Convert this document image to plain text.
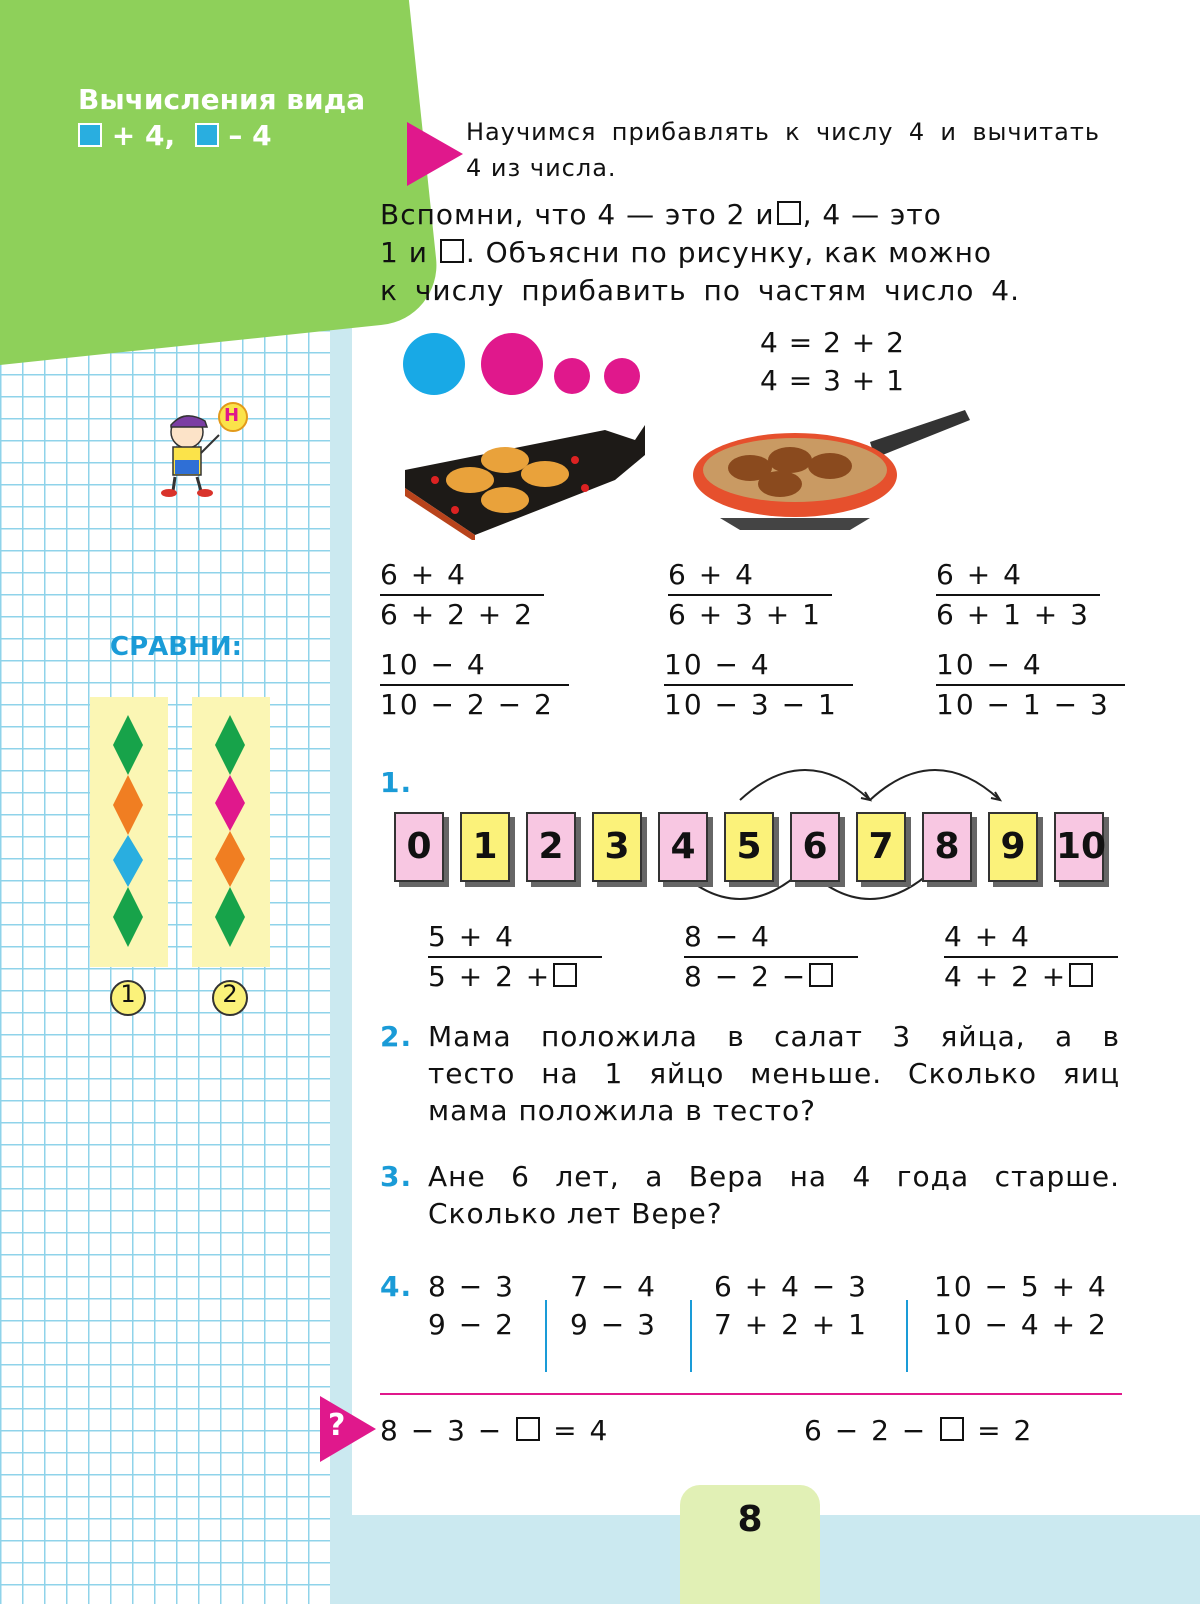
Вычисления вида
+ 4, – 4
Н
СРАВНИ:
1	2
Научимся прибавлять к числу 4 и вычитать
4 из числа.
Вспомни, что 4 — это 2 и	, 4 — это
1 и . Объясни по рисунку, как можно
к числу прибавить по частям число 4.
4 = 2 + 2
4 = 3 + 1
6 + 4
6 + 2 + 2
6 + 4
6 + 3 + 1
6 + 4
6 + 1 + 3
10 − 4
10 − 2 − 2
10 − 4
10 − 3 − 1
10 − 4
10 − 1 − 3
1.
0	1	2	3	4	5	6	7	8	9 10
5 + 4
5 + 2 +
8 − 4
8 − 2 −
4 + 4
4 + 2 +
2. Мама положила в салат 3 яйца, а в
тесто на 1 яйцо меньше. Сколько яиц
мама положила в тесто?
3. Ане 6 лет, а Вера на 4 года старше.
Сколько лет Вере?
4. 8 − 3
9 − 2
7 − 4
9 − 3
6 + 4 − 3
7 + 2 + 1
10 − 5 + 4
10 − 4 + 2
? 8 − 3 − = 4	6 − 2 − = 2
8
